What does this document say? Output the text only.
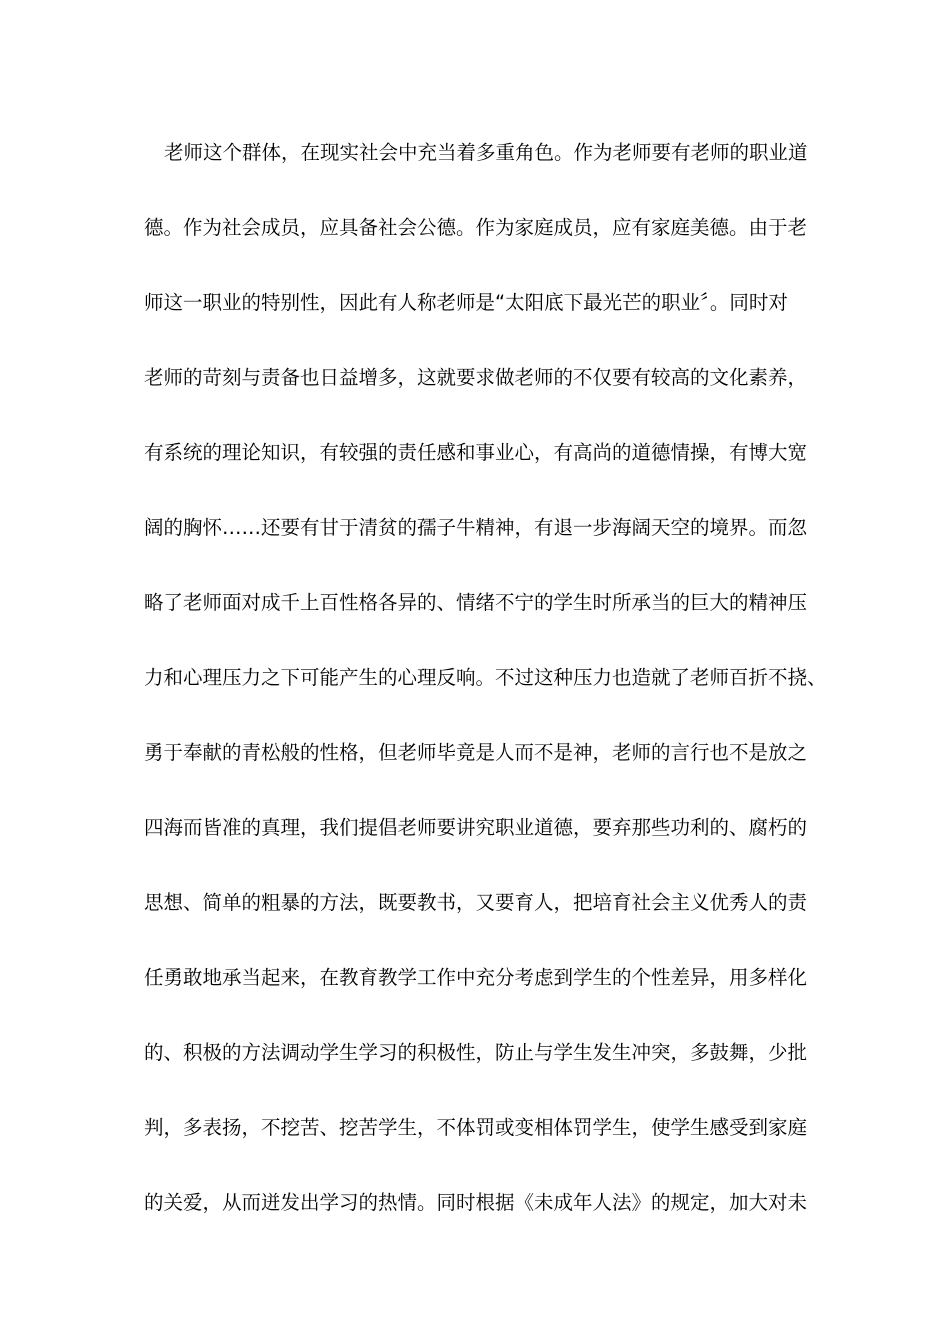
老师这个群体，在现实社会中充当着多重角色。作为老师要有老师的职业道
德。作为社会成员，应具备社会公德。作为家庭成员，应有家庭美德。由于老
师这一职业的特别性，因此有人称老师是“太阳底下最光芒的职业〞。同时对
老师的苛刻与责备也日益增多，这就要求做老师的不仅要有较高的文化素养，
有系统的理论知识，有较强的责任感和事业心，有高尚的道德情操，有博大宽
阔的胸怀……还要有甘于清贫的孺子牛精神，有退一步海阔天空的境界。而忽
略了老师面对成千上百性格各异的、情绪不宁的学生时所承当的巨大的精神压
力和心理压力之下可能产生的心理反响。不过这种压力也造就了老师百折不挠、
勇于奉献的青松般的性格，但老师毕竟是人而不是神，老师的言行也不是放之
四海而皆准的真理，我们提倡老师要讲究职业道德，要弃那些功利的、腐朽的
思想、简单的粗暴的方法，既要教书，又要育人，把培育社会主义优秀人的责
任勇敢地承当起来，在教育教学工作中充分考虑到学生的个性差异，用多样化
的、积极的方法调动学生学习的积极性，防止与学生发生冲突，多鼓舞，少批
判，多表扬，不挖苦、挖苦学生，不体罚或变相体罚学生，使学生感受到家庭
的关爱，从而迸发出学习的热情。同时根据《未成年人法》的规定，加大对未
